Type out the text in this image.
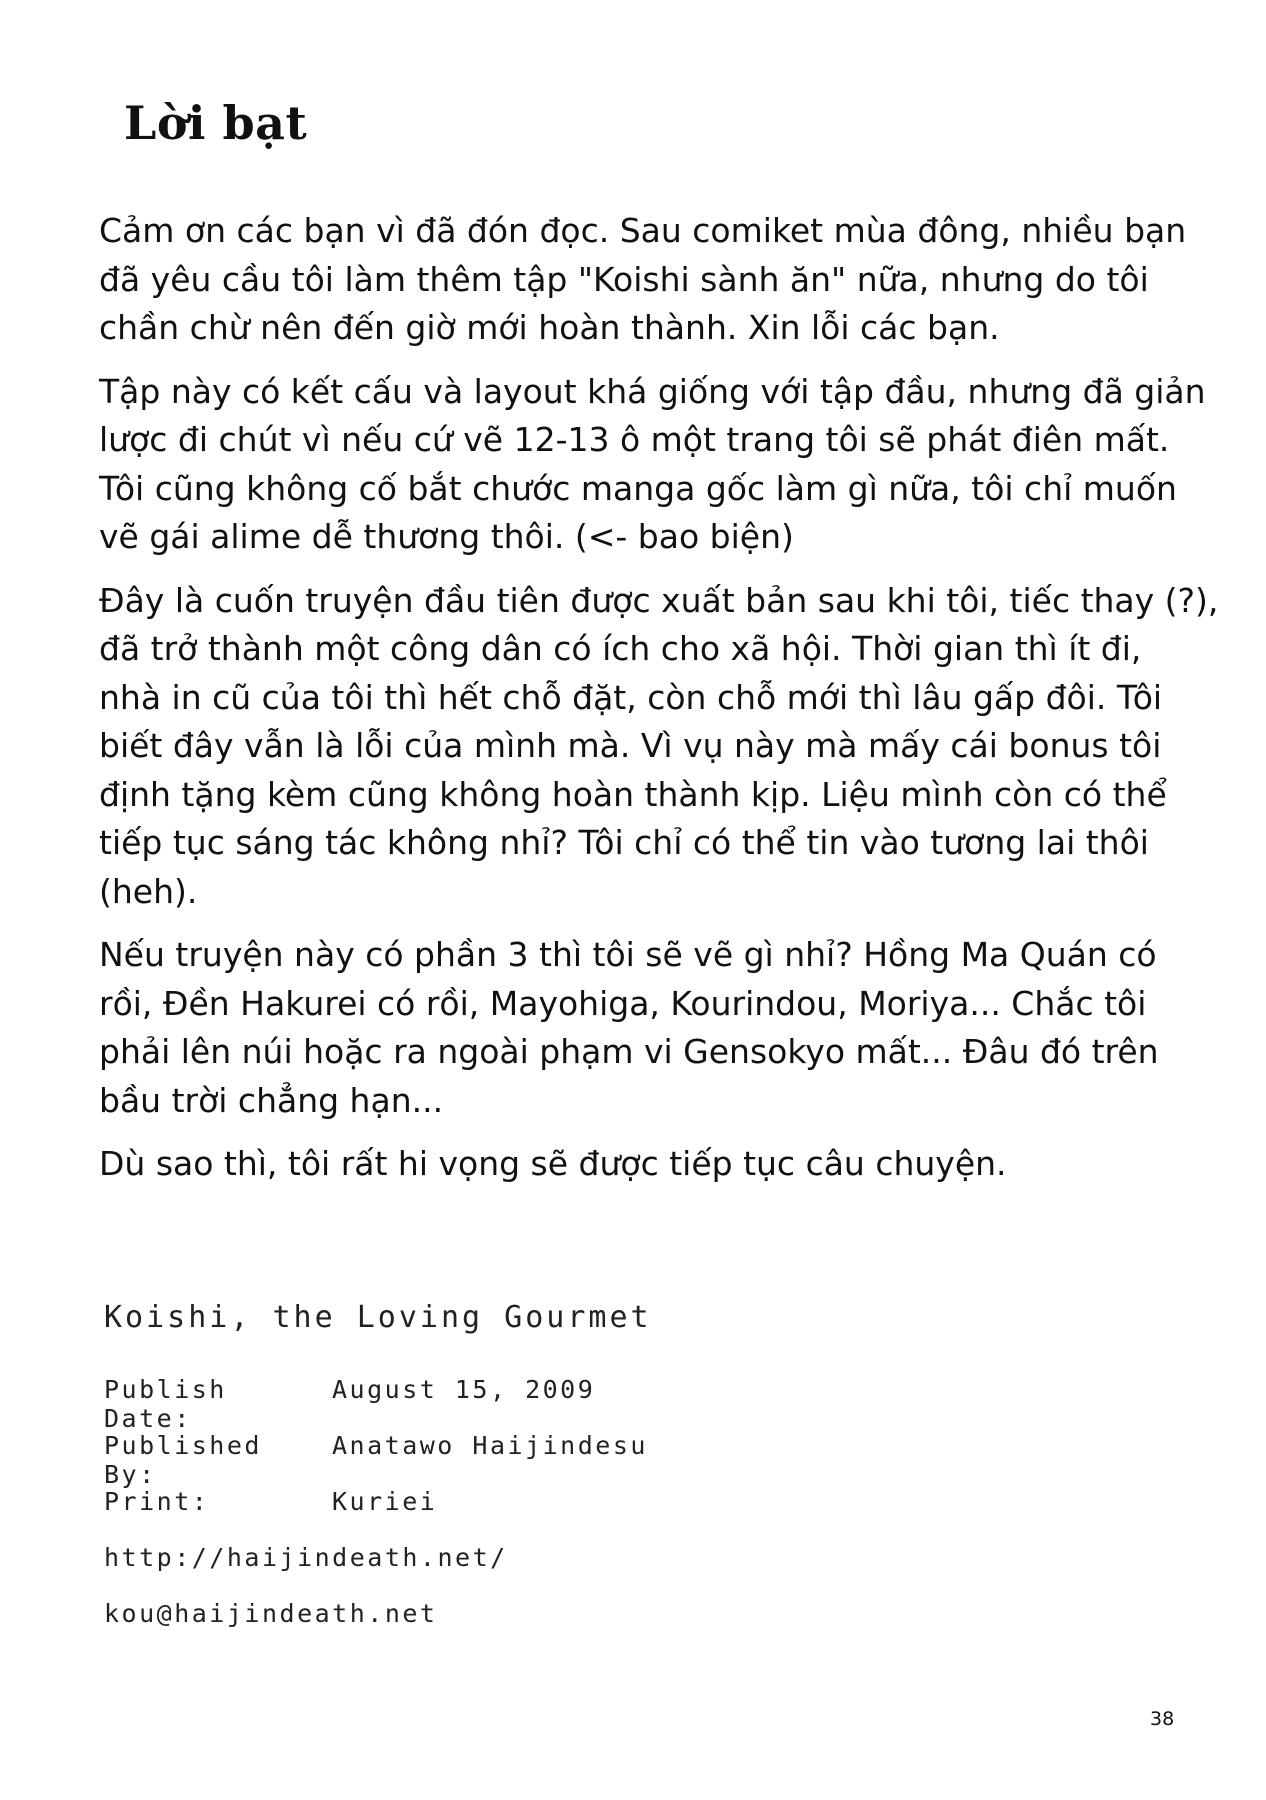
Lời bạt

Cảm ơn các bạn vì đã đón đọc. Sau comiket mùa đông, nhiều bạn
đã yêu cầu tôi làm thêm tập "Koishi sành ăn" nữa, nhưng do tôi
chần chừ nên đến giờ mới hoàn thành. Xin lỗi các bạn.

Tập này có kết cấu và layout khá giống với tập đầu, nhưng đã giản
lược đi chút vì nếu cứ vẽ 12-13 ô một trang tôi sẽ phát điên mất.
Tôi cũng không cố bắt chước manga gốc làm gì nữa, tôi chỉ muốn
vẽ gái alime dễ thương thôi. (<- bao biện)

Đây là cuốn truyện đầu tiên được xuất bản sau khi tôi, tiếc thay (?),
đã trở thành một công dân có ích cho xã hội. Thời gian thì ít đi,
nhà in cũ của tôi thì hết chỗ đặt, còn chỗ mới thì lâu gấp đôi. Tôi
biết đây vẫn là lỗi của mình mà. Vì vụ này mà mấy cái bonus tôi
định tặng kèm cũng không hoàn thành kịp. Liệu mình còn có thể
tiếp tục sáng tác không nhỉ? Tôi chỉ có thể tin vào tương lai thôi
(heh).

Nếu truyện này có phần 3 thì tôi sẽ vẽ gì nhỉ? Hồng Ma Quán có
rồi, Đền Hakurei có rồi, Mayohiga, Kourindou, Moriya... Chắc tôi
phải lên núi hoặc ra ngoài phạm vi Gensokyo mất... Đâu đó trên
bầu trời chẳng hạn...

Dù sao thì, tôi rất hi vọng sẽ được tiếp tục câu chuyện.

Koishi, the Loving Gourmet
Publish Date:
August 15, 2009
Published By:
Anatawo Haijindesu
Print:	Kuriei
http://haijindeath.net/
kou@haijindeath.net
38
